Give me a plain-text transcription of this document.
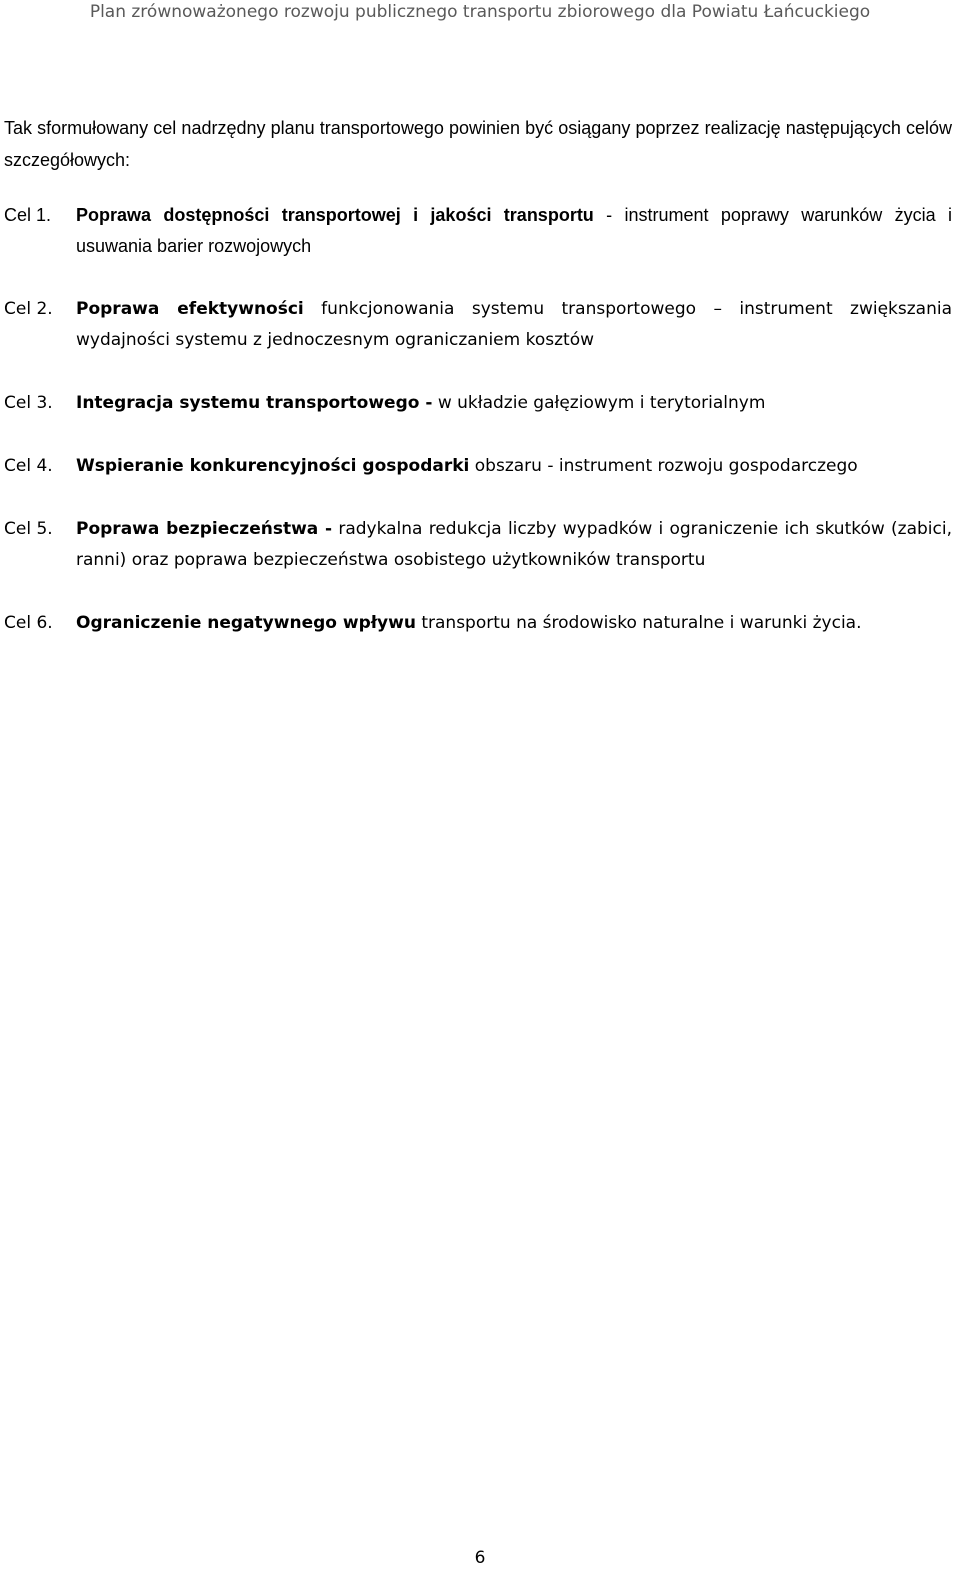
Plan zrównoważonego rozwoju publicznego transportu zbiorowego dla Powiatu Łańcuckiego

Tak sformułowany cel nadrzędny planu transportowego powinien być osiągany poprzez realizację następujących celów szczegółowych:

Cel 1.	Poprawa dostępności transportowej i jakości transportu - instrument poprawy warunków życia i usuwania barier rozwojowych
Cel 2.	Poprawa efektywności funkcjonowania systemu transportowego – instrument zwiększania wydajności systemu z jednoczesnym ograniczaniem kosztów
Cel 3.	Integracja systemu transportowego - w układzie gałęziowym i terytorialnym
Cel 4.	Wspieranie konkurencyjności gospodarki obszaru - instrument rozwoju gospodarczego
Cel 5.	Poprawa bezpieczeństwa - radykalna redukcja liczby wypadków i ograniczenie ich skutków (zabici, ranni) oraz poprawa bezpieczeństwa osobistego użytkowników transportu
Cel 6.	Ograniczenie negatywnego wpływu transportu na środowisko naturalne i warunki życia.
6
